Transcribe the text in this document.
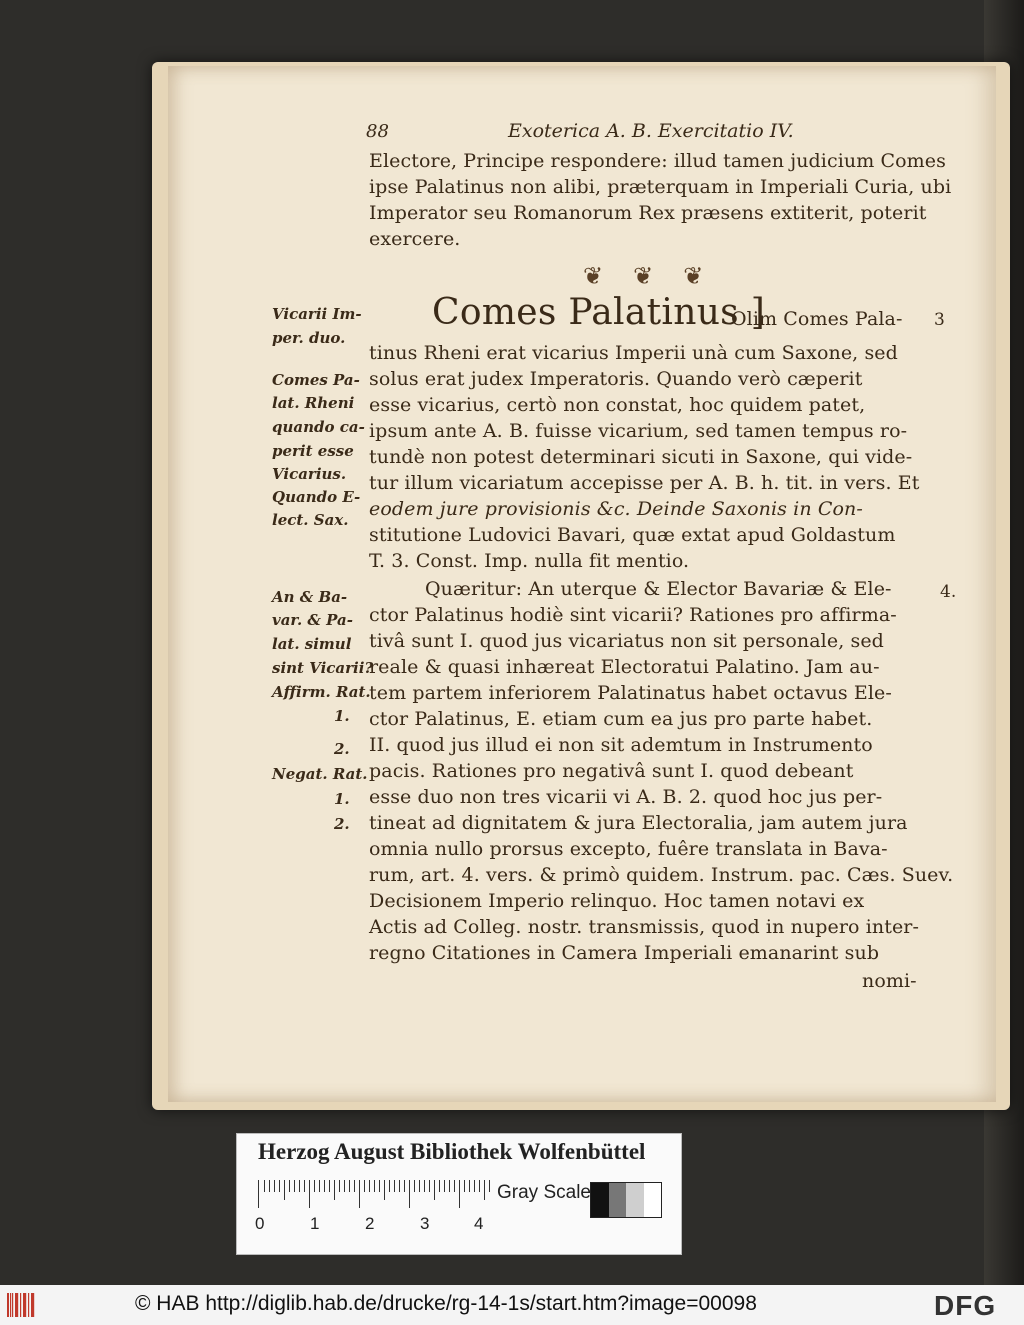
88	Exoterica A. B. Exercitatio IV.
Electore, Principe respondere: illud tamen judicium Comes
ipse Palatinus non alibi, præterquam in Imperiali Curia, ubi
Imperator seu Romanorum Rex præsens extiterit, poterit
exercere.
❦❦❦
Comes Palatinus ]
Olim Comes Pala-
tinus Rheni erat vicarius Imperii unà cum Saxone, sed
solus erat judex Imperatoris. Quando verò cæperit
esse vicarius, certò non constat, hoc quidem patet,
ipsum ante A. B. fuisse vicarium, sed tamen tempus ro-
tundè non potest determinari sicuti in Saxone, qui vide-
tur illum vicariatum accepisse per A. B. h. tit. in vers. Et
eodem jure provisionis &c. Deinde Saxonis in Con-
stitutione Ludovici Bavari, quæ extat apud Goldastum
T. 3. Const. Imp. nulla fit mentio.
Quæritur: An uterque & Elector Bavariæ & Ele-
ctor Palatinus hodiè sint vicarii? Rationes pro affirma-
tivâ sunt I. quod jus vicariatus non sit personale, sed
reale & quasi inhæreat Electoratui Palatino. Jam au-
tem partem inferiorem Palatinatus habet octavus Ele-
ctor Palatinus, E. etiam cum ea jus pro parte habet.
II. quod jus illud ei non sit ademtum in Instrumento
pacis. Rationes pro negativâ sunt I. quod debeant
esse duo non tres vicarii vi A. B. 2. quod hoc jus per-
tineat ad dignitatem & jura Electoralia, jam autem jura
omnia nullo prorsus excepto, fuêre translata in Bava-
rum, art. 4. vers. & primò quidem. Instrum. pac. Cæs. Suev.
Decisionem Imperio relinquo. Hoc tamen notavi ex
Actis ad Colleg. nostr. transmissis, quod in nupero inter-
regno Citationes in Camera Imperiali emanarint sub
nomi-
Vicarii Im-
per. duo.
Comes Pa-
lat. Rheni
quando ca-
perit esse
Vicarius.
Quando E-
lect. Sax.
An & Ba-
var. & Pa-
lat. simul
sint Vicarii?
Affirm. Rat.
1.
2.
Negat. Rat.
1.
2.
3
4.
Herzog August Bibliothek Wolfenbüttel
0	1	2	3	4
Gray Scale
© HAB http://diglib.hab.de/drucke/rg-14-1s/start.htm?image=00098	DFG
